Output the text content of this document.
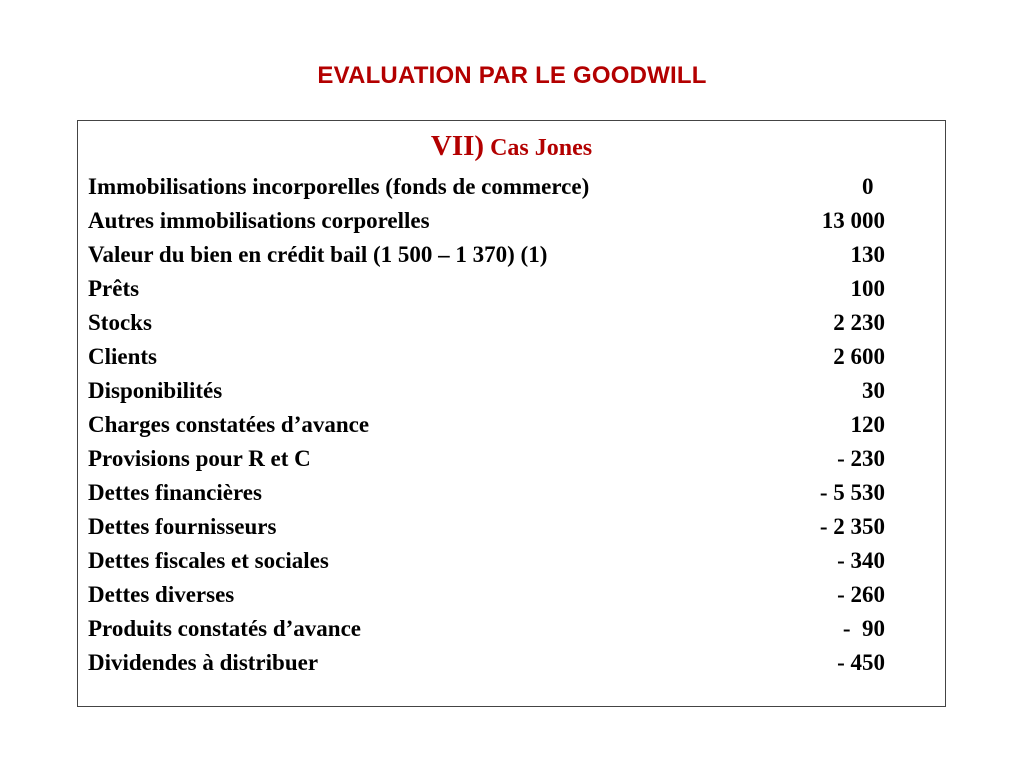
EVALUATION PAR LE GOODWILL
VII) Cas Jones
Immobilisations incorporelles (fonds de commerce)	0
Autres immobilisations corporelles	13 000
Valeur du bien en crédit bail (1 500 – 1 370) (1)	130
Prêts	100
Stocks	2 230
Clients	2 600
Disponibilités	30
Charges constatées d’avance	120
Provisions pour R et C	- 230
Dettes financières	- 5 530
Dettes fournisseurs	- 2 350
Dettes fiscales et sociales	- 340
Dettes diverses	- 260
Produits constatés d’avance	-  90
Dividendes à distribuer	- 450
